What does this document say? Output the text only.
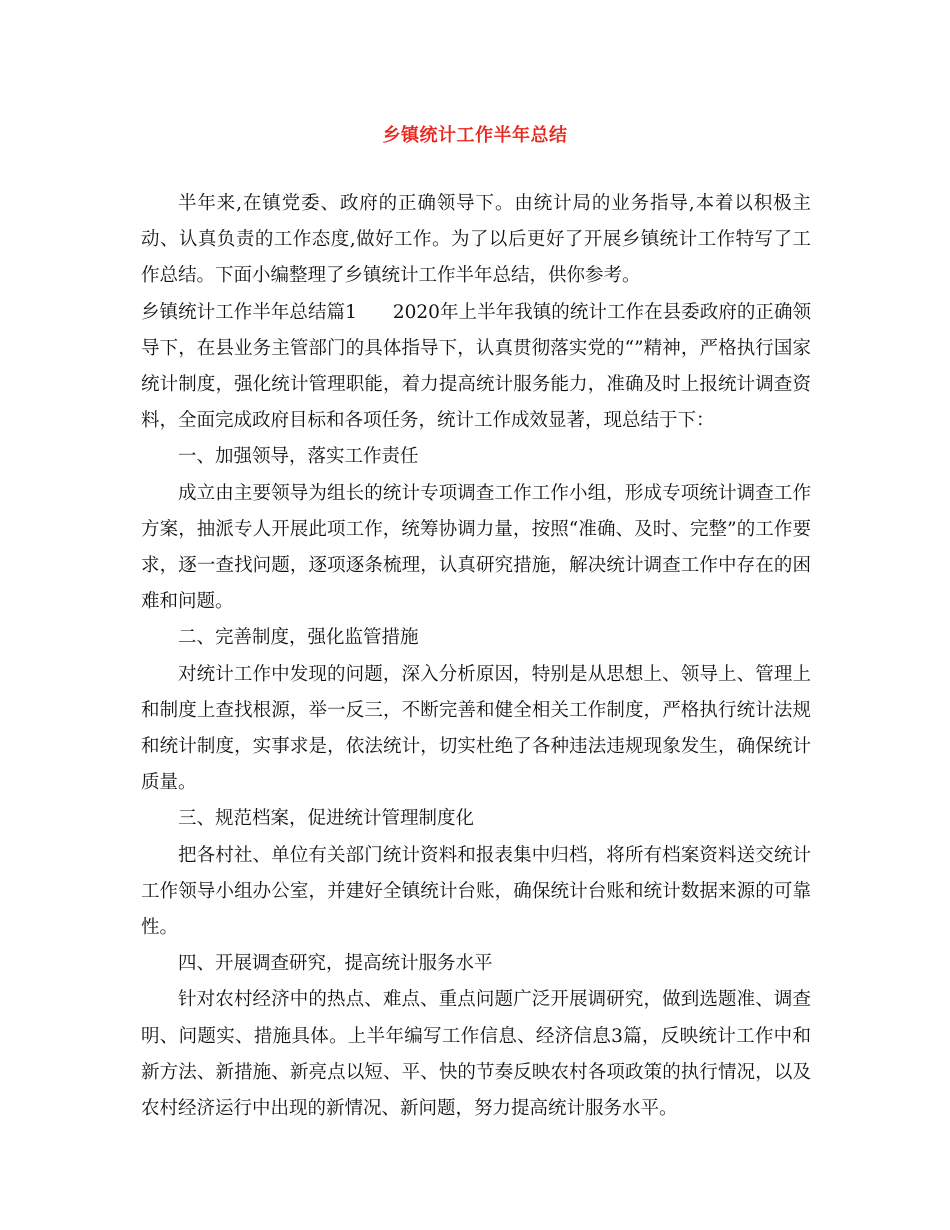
乡镇统计工作半年总结

半年来,在镇党委、政府的正确领导下。由统计局的业务指导,本着以积极主动、认真负责的工作态度,做好工作。为了以后更好了开展乡镇统计工作特写了工作总结。下面小编整理了乡镇统计工作半年总结，供你参考。

乡镇统计工作半年总结篇1 2020年上半年我镇的统计工作在县委政府的正确领导下，在县业务主管部门的具体指导下，认真贯彻落实党的“”精神，严格执行国家统计制度，强化统计管理职能，着力提高统计服务能力，准确及时上报统计调查资料，全面完成政府目标和各项任务，统计工作成效显著，现总结于下：

一、加强领导，落实工作责任

成立由主要领导为组长的统计专项调查工作工作小组，形成专项统计调查工作方案，抽派专人开展此项工作，统筹协调力量，按照“准确、及时、完整”的工作要求，逐一查找问题，逐项逐条梳理，认真研究措施，解决统计调查工作中存在的困难和问题。

二、完善制度，强化监管措施

对统计工作中发现的问题，深入分析原因，特别是从思想上、领导上、管理上和制度上查找根源，举一反三，不断完善和健全相关工作制度，严格执行统计法规和统计制度，实事求是，依法统计，切实杜绝了各种违法违规现象发生，确保统计质量。

三、规范档案，促进统计管理制度化

把各村社、单位有关部门统计资料和报表集中归档，将所有档案资料送交统计工作领导小组办公室，并建好全镇统计台账，确保统计台账和统计数据来源的可靠性。

四、开展调查研究，提高统计服务水平

针对农村经济中的热点、难点、重点问题广泛开展调研究，做到选题准、调查明、问题实、措施具体。上半年编写工作信息、经济信息3篇，反映统计工作中和新方法、新措施、新亮点以短、平、快的节奏反映农村各项政策的执行情况，以及农村经济运行中出现的新情况、新问题，努力提高统计服务水平。
